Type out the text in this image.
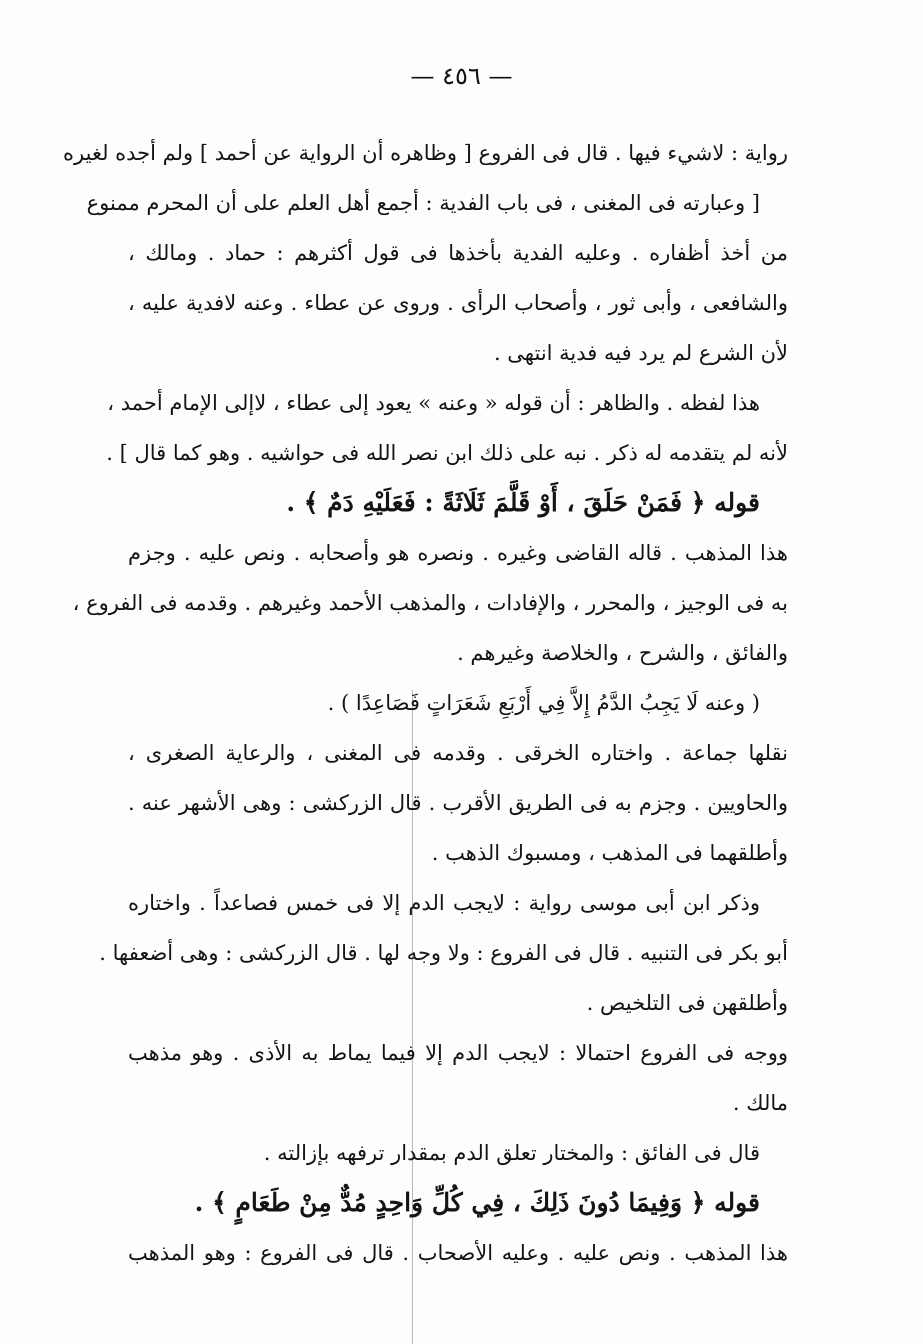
— ٤٥٦ —
رواية : لاشيء فيها . قال فى الفروع [ وظاهره أن الرواية عن أحمد ] ولم أجده لغيره
[ وعبارته فى المغنى ، فى باب الفدية : أجمع أهل العلم على أن المحرم ممنوع
من أخذ أظفاره . وعليه الفدية بأخذها فى قول أكثرهم : حماد . ومالك ،
والشافعى ، وأبى ثور ، وأصحاب الرأى . وروى عن عطاء . وعنه لافدية عليه ،
لأن الشرع لم يرد فيه فدية انتهى .
هذا لفظه . والظاهر : أن قوله « وعنه » يعود إلى عطاء ، لاإلى الإمام أحمد ،
لأنه لم يتقدمه له ذكر . نبه على ذلك ابن نصر الله فى حواشيه . وهو كما قال ] .
قوله ﴿ فَمَنْ حَلَقَ ، أَوْ قَلَّمَ ثَلَاثَةً : فَعَلَيْهِ دَمٌ ﴾ .
هذا المذهب . قاله القاضى وغيره . ونصره هو وأصحابه . ونص عليه . وجزم
به فى الوجيز ، والمحرر ، والإفادات ، والمذهب الأحمد وغيرهم . وقدمه فى الفروع ،
والفائق ، والشرح ، والخلاصة وغيرهم .
( وعنه لَا يَجِبُ الدَّمُ إِلاَّ فِي أَرْبَعِ شَعَرَاتٍ فَصَاعِدًا ) .
نقلها جماعة . واختاره الخرقى . وقدمه فى المغنى ، والرعاية الصغرى ،
والحاويين . وجزم به فى الطريق الأقرب . قال الزركشى : وهى الأشهر عنه .
وأطلقهما فى المذهب ، ومسبوك الذهب .
وذكر ابن أبى موسى رواية : لايجب الدم إلا فى خمس فصاعداً . واختاره
أبو بكر فى التنبيه . قال فى الفروع : ولا وجه لها . قال الزركشى : وهى أضعفها .
وأطلقهن فى التلخيص .
ووجه فى الفروع احتمالا : لايجب الدم إلا فيما يماط به الأذى . وهو مذهب
مالك .
قال فى الفائق : والمختار تعلق الدم بمقدار ترفهه بإزالته .
قوله ﴿ وَفِيمَا دُونَ ذَلِكَ ، فِي كُلِّ وَاحِدٍ مُدٌّ مِنْ طَعَامٍ ﴾ .
هذا المذهب . ونص عليه . وعليه الأصحاب . قال فى الفروع : وهو المذهب
